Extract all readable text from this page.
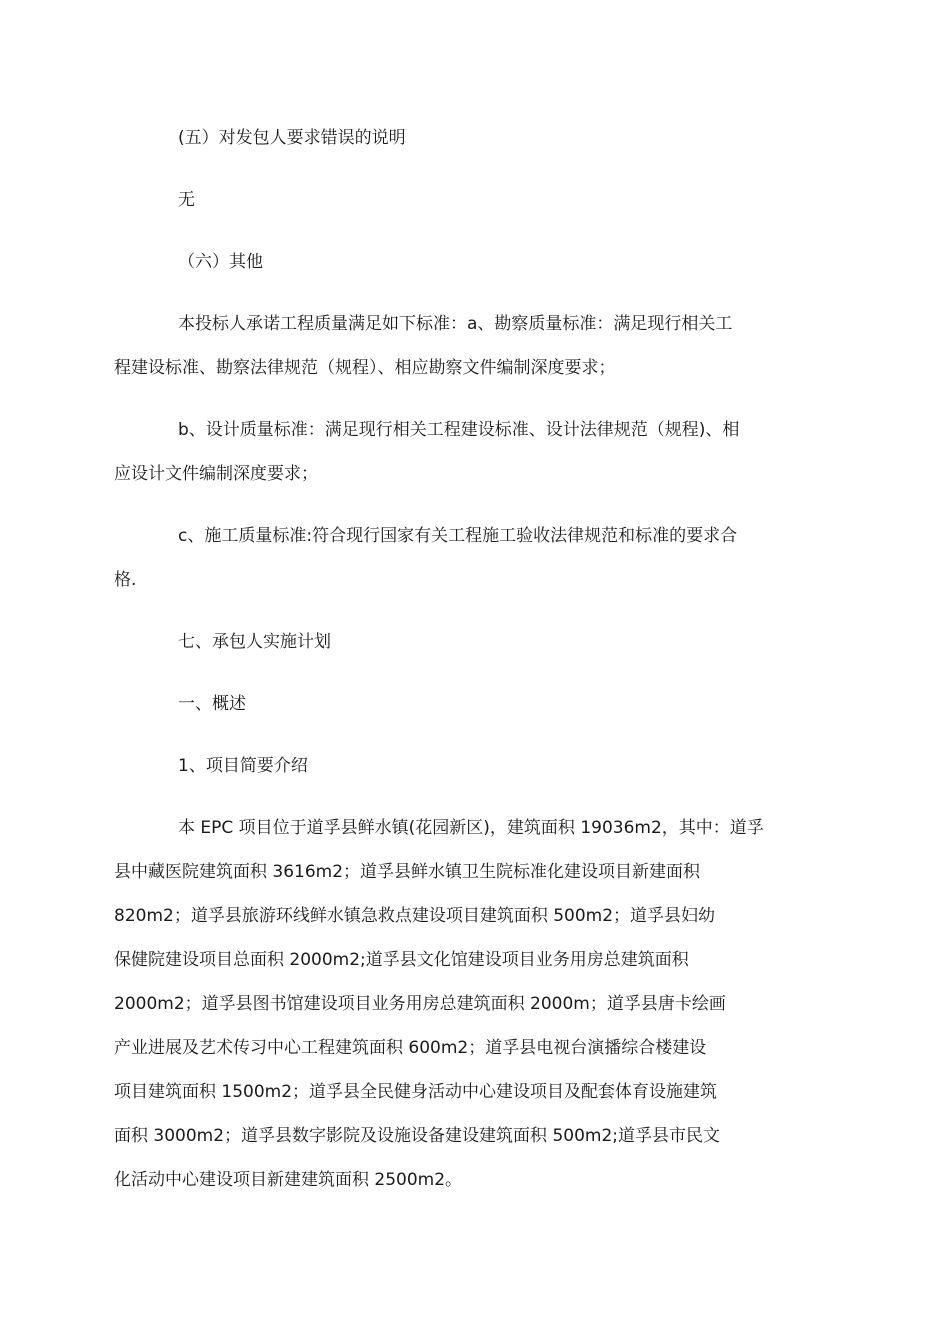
(五）对发包人要求错误的说明

无

（六）其他

本投标人承诺工程质量满足如下标准：a、勘察质量标准：满足现行相关工
程建设标准、勘察法律规范（规程）、相应勘察文件编制深度要求；

b、设计质量标准：满足现行相关工程建设标准、设计法律规范（规程)、相
应设计文件编制深度要求；

c、施工质量标准:符合现行国家有关工程施工验收法律规范和标准的要求合
格.

七、承包人实施计划

一、概述

1、项目简要介绍

本 EPC 项目位于道孚县鲜水镇(花园新区)，建筑面积 19036m2，其中：道孚
县中藏医院建筑面积 3616m2；道孚县鲜水镇卫生院标准化建设项目新建面积
820m2；道孚县旅游环线鲜水镇急救点建设项目建筑面积 500m2；道孚县妇幼
保健院建设项目总面积 2000m2;道孚县文化馆建设项目业务用房总建筑面积
2000m2；道孚县图书馆建设项目业务用房总建筑面积 2000m；道孚县唐卡绘画
产业进展及艺术传习中心工程建筑面积 600m2；道孚县电视台演播综合楼建设
项目建筑面积 1500m2；道孚县全民健身活动中心建设项目及配套体育设施建筑
面积 3000m2；道孚县数字影院及设施设备建设建筑面积 500m2;道孚县市民文
化活动中心建设项目新建建筑面积 2500m2。
